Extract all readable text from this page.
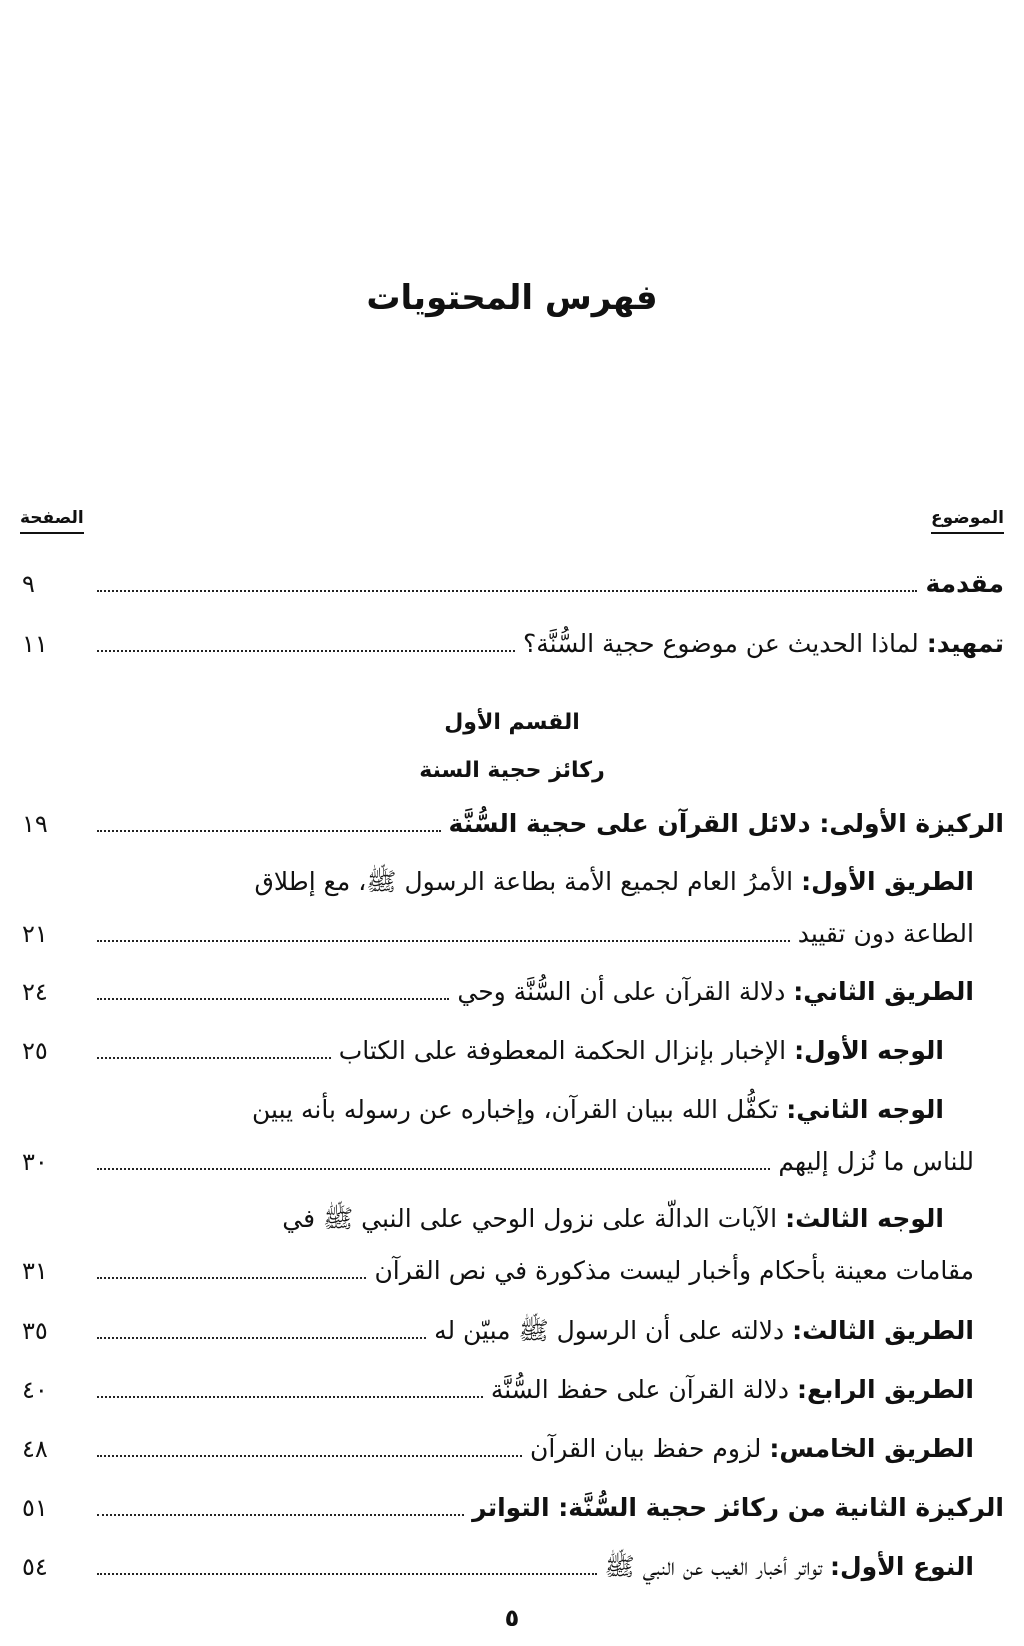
فهرس المحتويات
الموضوع
الصفحة
القسم الأول
ركائز حجية السنة
مقدمة
٩
تمهيد:

لماذا الحديث عن موضوع حجية السُّنَّة؟
١١
الركيزة الأولى: دلائل القرآن على حجية السُّنَّة
١٩
الطريق الأول:

الأمرُ العام لجميع الأمة بطاعة الرسول ﷺ، مع إطلاق
الطاعة دون تقييد
٢١
الطريق الثاني:

دلالة القرآن على أن السُّنَّة وحي
٢٤
الوجه الأول:

الإخبار بإنزال الحكمة المعطوفة على الكتاب
٢٥
الوجه الثاني:

تكفُّل الله ببيان القرآن، وإخباره عن رسوله بأنه يبين
للناس ما نُزل إليهم
٣٠
الوجه الثالث:

الآيات الدالّة على نزول الوحي على النبي ﷺ في
مقامات معينة بأحكام وأخبار ليست مذكورة في نص القرآن
٣١
الطريق الثالث:

دلالته على أن الرسول ﷺ مبيّن له
٣٥
الطريق الرابع:

دلالة القرآن على حفظ السُّنَّة
٤٠
الطريق الخامس:

لزوم حفظ بيان القرآن
٤٨
الركيزة الثانية من ركائز حجية السُّنَّة: التواتر
٥١
النوع الأول:

تواتر أخبار الغيب عن النبي ﷺ
٥٤
٥
